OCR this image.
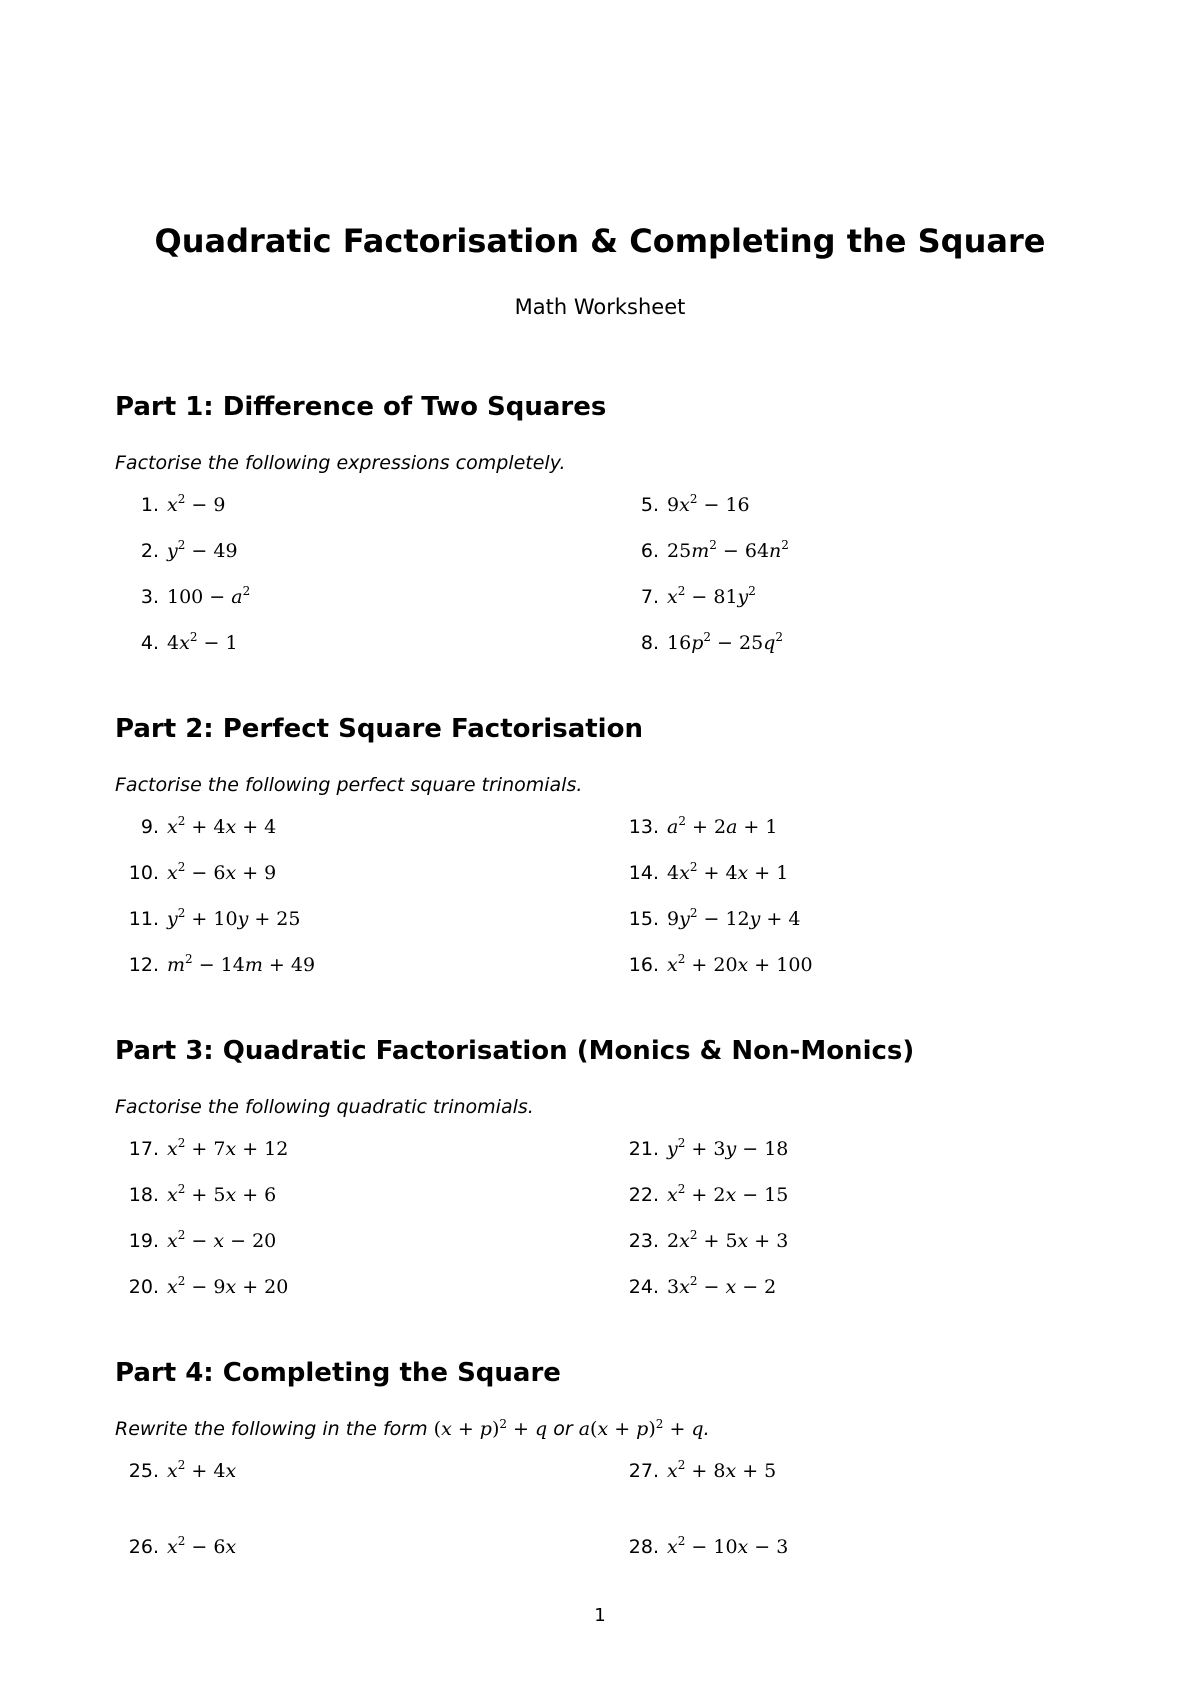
Quadratic Factorisation & Completing the Square
Math Worksheet
Part 1: Difference of Two Squares
Factorise the following expressions completely.
1. $x^2 - 9$
2. $y^2 - 49$
3. $100 - a^2$
4. $4x^2 - 1$
5. $9x^2 - 16$
6. $25m^2 - 64n^2$
7. $x^2 - 81y^2$
8. $16p^2 - 25q^2$
Part 2: Perfect Square Factorisation
Factorise the following perfect square trinomials.
9. $x^2 + 4x + 4$
10. $x^2 - 6x + 9$
11. $y^2 + 10y + 25$
12. $m^2 - 14m + 49$
13. $a^2 + 2a + 1$
14. $4x^2 + 4x + 1$
15. $9y^2 - 12y + 4$
16. $x^2 + 20x + 100$
Part 3: Quadratic Factorisation (Monics & Non-Monics)
Factorise the following quadratic trinomials.
17. $x^2 + 7x + 12$
18. $x^2 + 5x + 6$
19. $x^2 - x - 20$
20. $x^2 - 9x + 20$
21. $y^2 + 3y - 18$
22. $x^2 + 2x - 15$
23. $2x^2 + 5x + 3$
24. $3x^2 - x - 2$
Part 4: Completing the Square
Rewrite the following in the form $(x + p)^2 + q$ or $a(x + p)^2 + q$.
25. $x^2 + 4x$
26. $x^2 - 6x$
27. $x^2 + 8x + 5$
28. $x^2 - 10x - 3$
1
